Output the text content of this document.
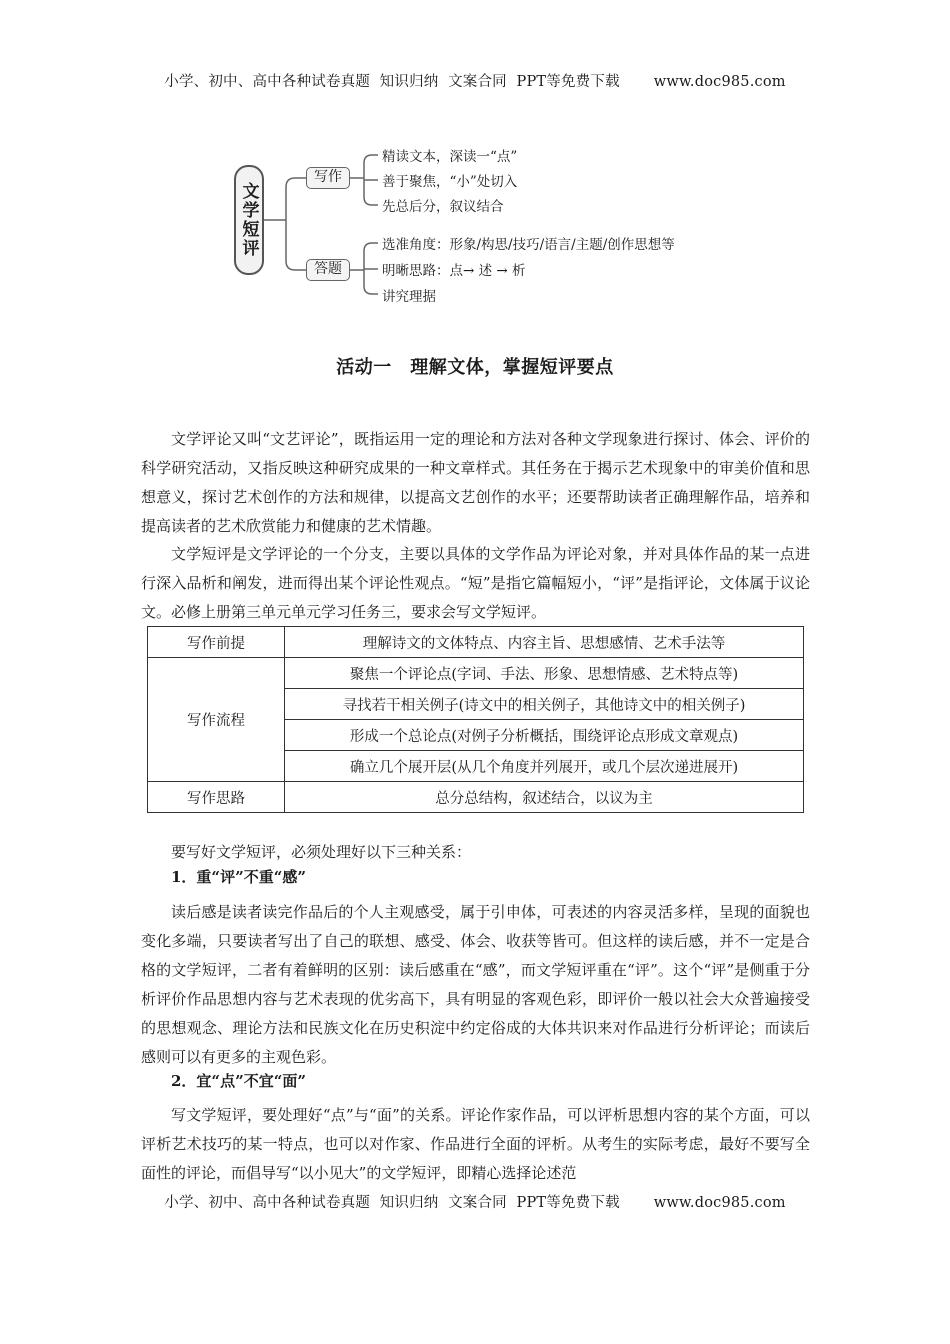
小学、初中、高中各种试卷真题  知识归纳  文案合同  PPT等免费下载 www.doc985.com
文学短评
写作
答题
精读文本，深读一“点”
善于聚焦，“小”处切入
先总后分，叙议结合
选准角度：形象/构思/技巧/语言/主题/创作思想等
明晰思路：点→ 述 → 析
讲究理据
活动一　理解文体，掌握短评要点

文学评论又叫“文艺评论”，既指运用一定的理论和方法对各种文学现象进行探讨、体会、评价的科学研究活动，又指反映这种研究成果的一种文章样式。其任务在于揭示艺术现象中的审美价值和思想意义，探讨艺术创作的方法和规律，以提高文艺创作的水平；还要帮助读者正确理解作品，培养和提高读者的艺术欣赏能力和健康的艺术情趣。

文学短评是文学评论的一个分支，主要以具体的文学作品为评论对象，并对具体作品的某一点进行深入品析和阐发，进而得出某个评论性观点。“短”是指它篇幅短小，“评”是指评论，文体属于议论文。必修上册第三单元单元学习任务三，要求会写文学短评。

写作前提	理解诗文的文体特点、内容主旨、思想感情、艺术手法等
写作流程	聚焦一个评论点(字词、手法、形象、思想情感、艺术特点等)
	寻找若干相关例子(诗文中的相关例子，其他诗文中的相关例子)
	形成一个总论点(对例子分析概括，围绕评论点形成文章观点)
	确立几个展开层(从几个角度并列展开，或几个层次递进展开)
写作思路	总分总结构，叙述结合，以议为主

要写好文学短评，必须处理好以下三种关系：

1．重“评”不重“感”

读后感是读者读完作品后的个人主观感受，属于引申体，可表述的内容灵活多样，呈现的面貌也变化多端，只要读者写出了自己的联想、感受、体会、收获等皆可。但这样的读后感，并不一定是合格的文学短评，二者有着鲜明的区别：读后感重在“感”，而文学短评重在“评”。这个“评”是侧重于分析评价作品思想内容与艺术表现的优劣高下，具有明显的客观色彩，即评价一般以社会大众普遍接受的思想观念、理论方法和民族文化在历史积淀中约定俗成的大体共识来对作品进行分析评论；而读后感则可以有更多的主观色彩。

2．宜“点”不宜“面”

写文学短评，要处理好“点”与“面”的关系。评论作家作品，可以评析思想内容的某个方面，可以评析艺术技巧的某一特点，也可以对作家、作品进行全面的评析。从考生的实际考虑，最好不要写全面性的评论，而倡导写“以小见大”的文学短评，即精心选择论述范

小学、初中、高中各种试卷真题  知识归纳  文案合同  PPT等免费下载 www.doc985.com
